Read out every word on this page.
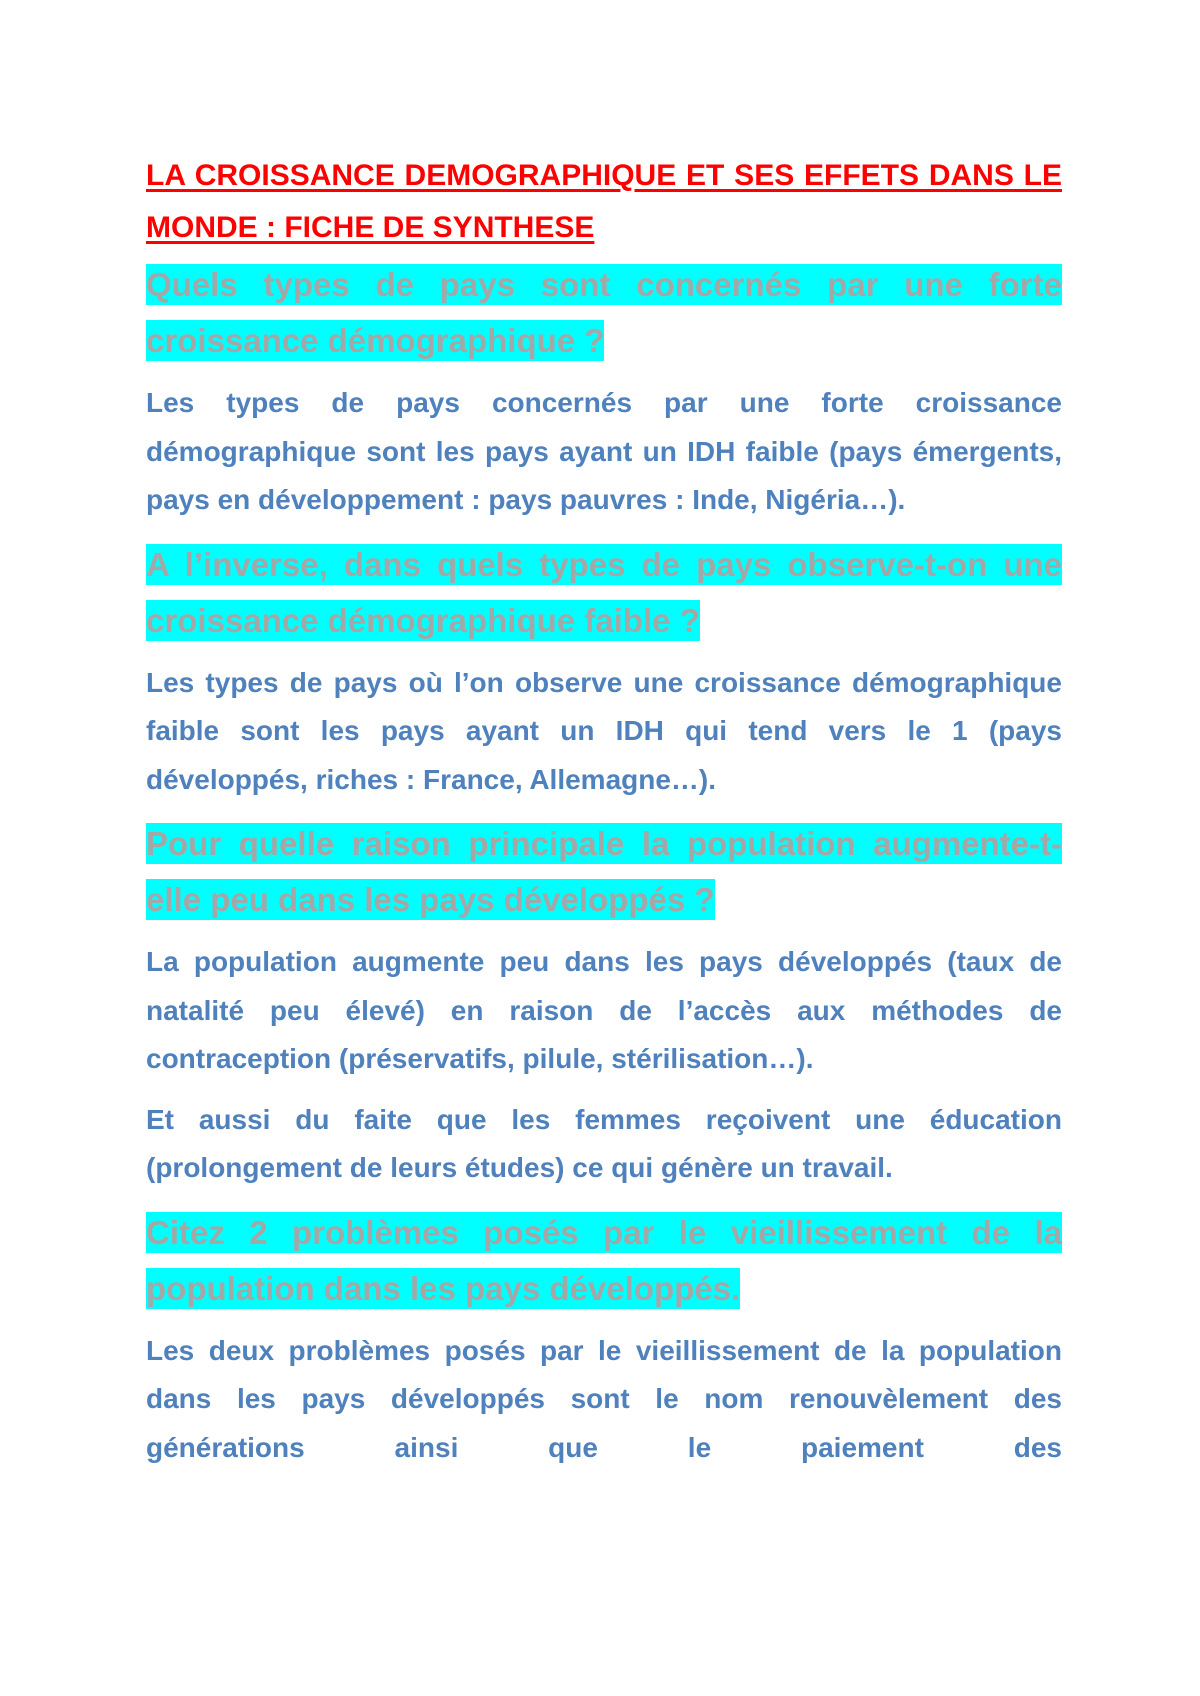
LA CROISSANCE DEMOGRAPHIQUE ET SES EFFETS DANS LE MONDE : FICHE DE SYNTHESE

Quels types de pays sont concernés par une forte croissance démographique ?

Les types de pays concernés par une forte croissance démographique sont les pays ayant un IDH faible (pays émergents, pays en développement : pays pauvres : Inde, Nigéria…).

A l’inverse, dans quels types de pays observe-t-on une croissance démographique faible ?

Les types de pays où l’on observe une croissance démographique faible sont les pays ayant un IDH qui tend vers le 1 (pays développés, riches : France, Allemagne…).

Pour quelle raison principale la population augmente-t-elle peu dans les pays développés ?

La population augmente peu dans les pays développés (taux de natalité peu élevé) en raison de l’accès aux méthodes de contraception (préservatifs, pilule, stérilisation…).

Et aussi du faite que les femmes reçoivent une éducation (prolongement de leurs études) ce qui génère un travail.

Citez 2 problèmes posés par le vieillissement de la population dans les pays développés.

Les deux problèmes posés par le vieillissement de la population dans les pays développés sont le nom renouvèlement des générations ainsi que le paiement des
